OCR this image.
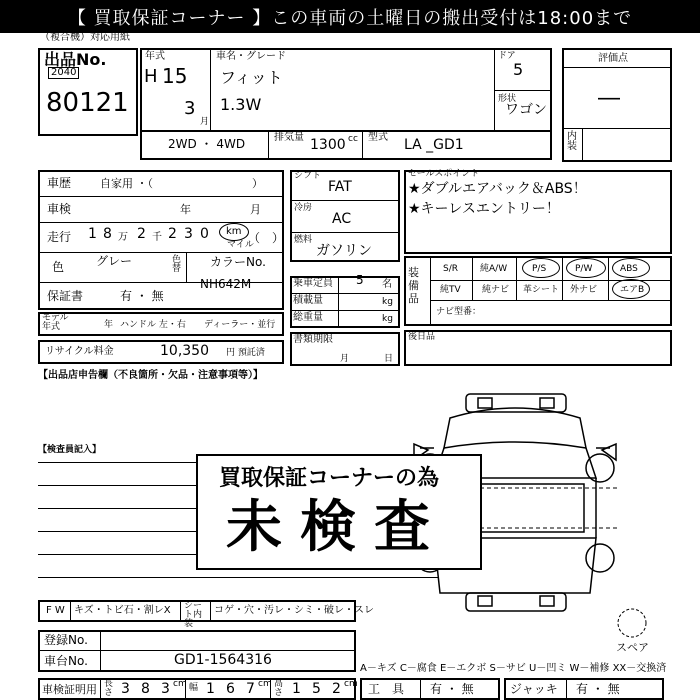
【 買取保証コーナー 】この車両の土曜日の搬出受付は18:00まで
（複合機）対応用紙
出品No.
2040
80121
年式
H 15
3
月
車名・グレード
フィット
1.3W
ドア
5
形状
ワゴン
評価点
―
内装
2WD ・ 4WD	排気量 1300 cc 型式 LA _GD1
車歴	自家用 ・（　　　　　　　　　）
車検	年	月
走行 1 8 万 2 千 2 3 0 km
マイル
（　）
色	グレー	色替 カラーNo.
NH642M
保証書	有 ・ 無
モデル年式	年 ハンドル 左・右 ディーラー・並行
リサイクル料金	10,350 円 預託済
【出品店申告欄（不良箇所・欠品・注意事項等）】
シフト
FAT
冷房
AC
燃料
ガソリン
乗車定員 5 名
積載量	kg
総重量	kg
書類期限
月	日
セールスポイント
★ダブルエアバック＆ABS！
★キーレスエントリー！
装備品
S/R 純A/W	P/S	P/W	ABS
純TV 純ナビ 革シート 外ナビ	エアB
ナビ型番：
後日品
【検査員記入】
買取保証コーナーの為
未検査
F W キズ・トビ石・割レX シート内装
コゲ・穴・汚レ・シミ・破レ・スレ
スペア
登録No.
車台No.	GD1-1564316
A－キズ C－腐食 E－エクボ S－サビ U－凹ミ W－補修 XX－交換済
車検証明用 長さ 3 8 3 cm 幅 1 6 7 cm 高さ 1 5 2 cm 工　具 有 ・ 無	ジャッキ 有 ・ 無
